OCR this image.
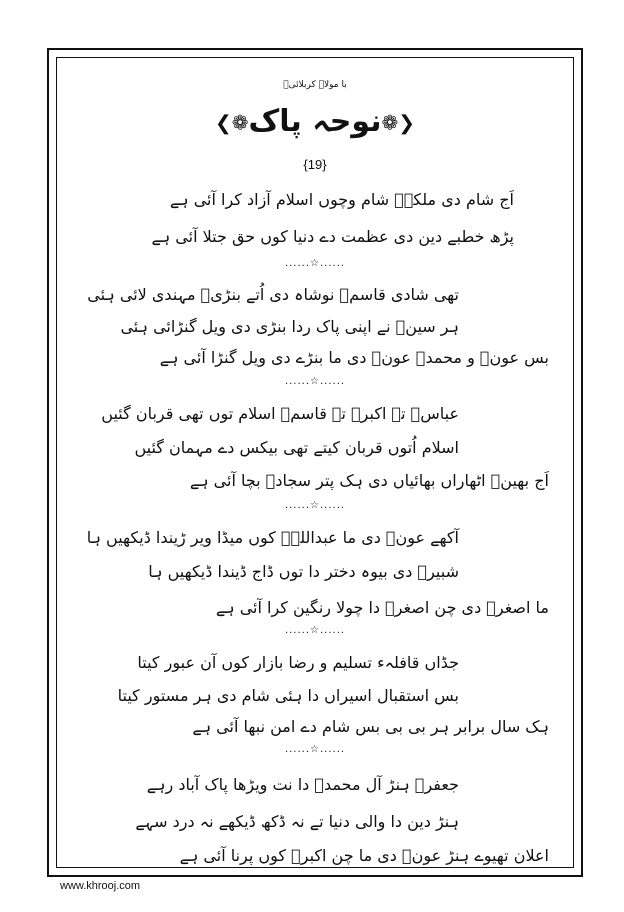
با مولاؑ کربلائیؑ
❮❁نوحہ پاک❁❯
{19}
اَج شام دی ملکہؑ شام وچوں اسلام آزاد کرا آئی ہے
پڑھ خطبے دین دی عظمت دے دنیا کوں حق جتلا آئی ہے
......☆......
تھی شادی قاسمؑ نوشاہ دی اُتے بنڑیؑ مہندی لائی ہئی
ہر سینؑ نے اپنی پاک ردا بنڑی دی ویل گنڑائی ہئی
بس عونؑ و محمدؑ عونؑ دی ما بنڑے دی ویل گنڑا آئی ہے
......☆......
عباسؑ تے اکبرؑ تے قاسمؑ اسلام توں تھی قربان گئیں
اسلام اُتوں قربان کیتے تھی بیکس دے مہمان گئیں
اَج بھینؑ اٹھاراں بھائیاں دی ہک پتر سجادؑ بچا آئی ہے
......☆......
آکھے عونؑ دی ما عبداللہؑ کوں میڈا ویر ڑیندا ڈیکھیں ہا
شبیرؑ دی بیوہ دختر دا توں ڈاج ڈیندا ڈیکھیں ہا
ما اصغرؑ دی چن اصغرؑ دا چولا رنگین کرا آئی ہے
......☆......
جڈاں قافلہء تسلیم و رضا بازار کوں آن عبور کیتا
بس استقبال اسیراں دا ہئی شام دی ہر مستور کیتا
ہک سال برابر ہر بی بی بس شام دے امن نبھا آئی ہے
......☆......
جعفرؑ ہنڑ آل محمدؑ دا نت ویڑھا پاک آباد رہے
ہنڑ دین دا والی دنیا تے نہ ڈکھ ڈیکھے نہ درد سہے
اعلان تھیوے ہنڑ عونؑ دی ما چن اکبرؑ کوں پرنا آئی ہے
www.khrooj.com
